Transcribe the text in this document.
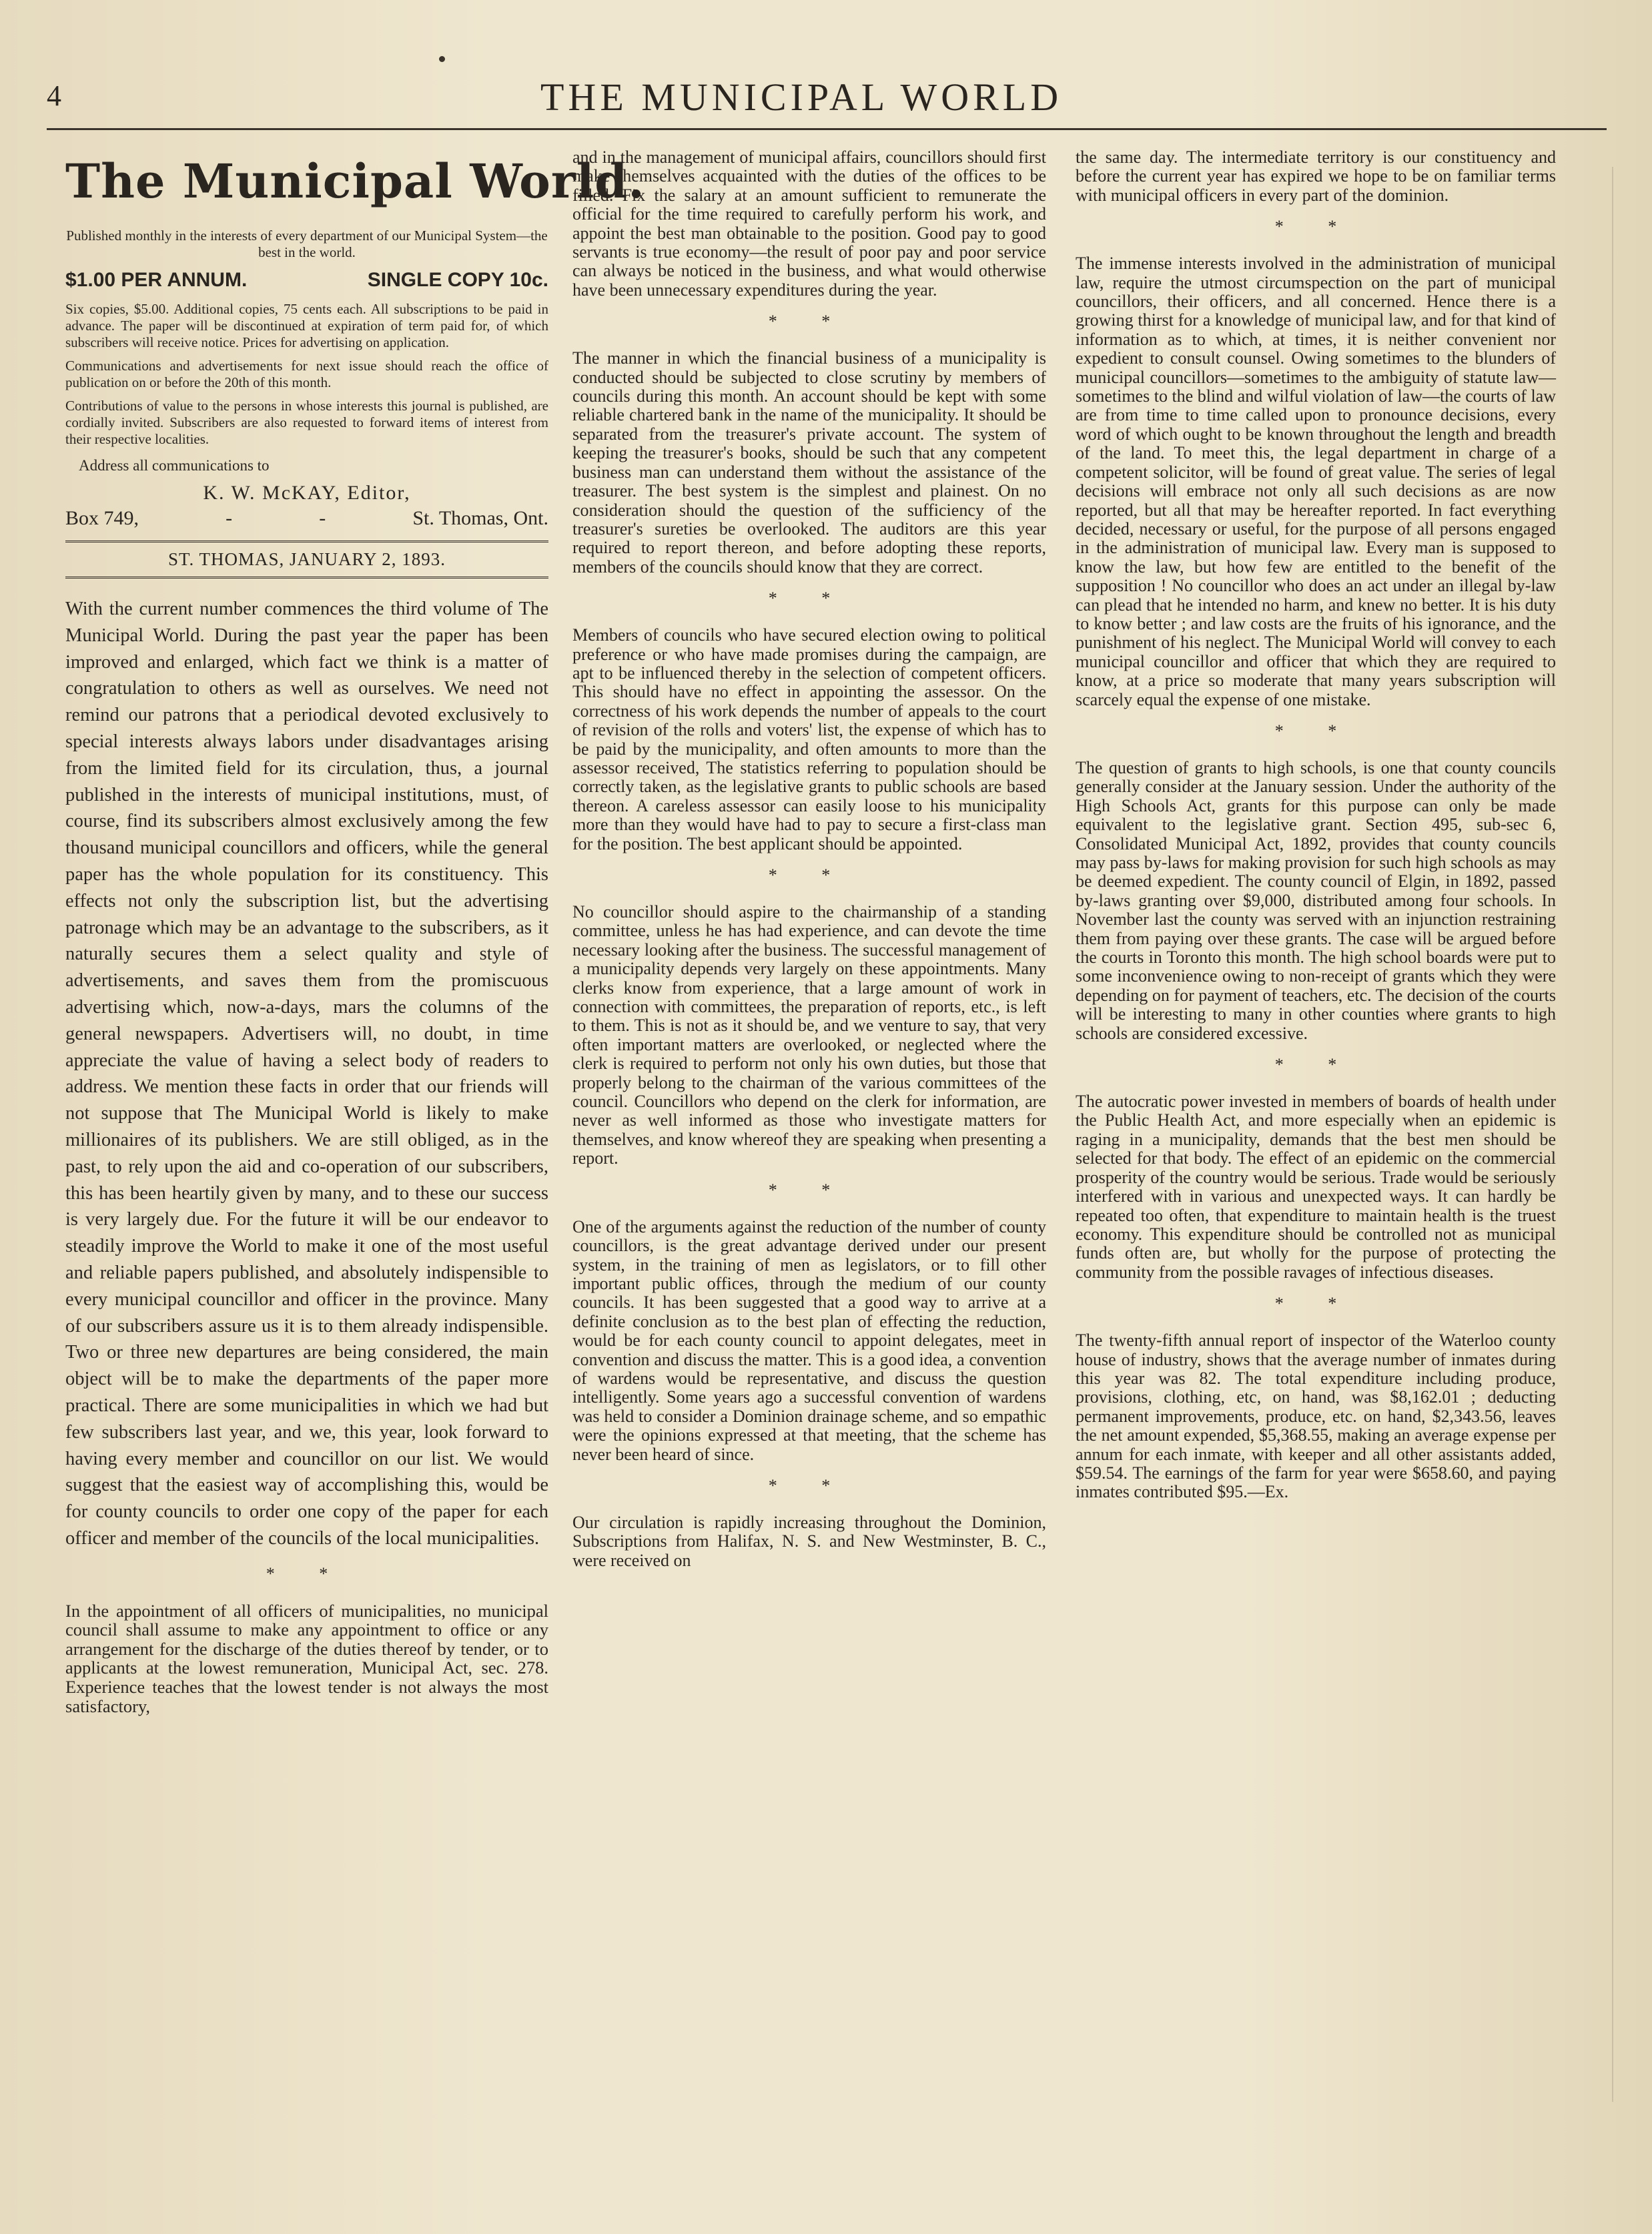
4	THE MUNICIPAL WORLD
The Municipal World.

Published monthly in the interests of every department of our Municipal System—the best in the world.

$1.00 PER ANNUM.	SINGLE COPY 10c.

Six copies, $5.00. Additional copies, 75 cents each. All subscriptions to be paid in advance. The paper will be discontinued at expiration of term paid for, of which subscribers will receive notice. Prices for advertising on application.

Communications and advertisements for next issue should reach the office of publication on or before the 20th of this month.

Contributions of value to the persons in whose interests this journal is published, are cordially invited. Subscribers are also requested to forward items of interest from their respective localities.

Address all communications to

K. W. McKAY, Editor,
Box 749,	-	-	St. Thomas, Ont.
ST. THOMAS, JANUARY 2, 1893.

With the current number commences the third volume of The Municipal World. During the past year the paper has been improved and enlarged, which fact we think is a matter of congratulation to others as well as ourselves. We need not remind our patrons that a periodical devoted exclusively to special interests always labors under disadvantages arising from the limited field for its circulation, thus, a journal published in the interests of municipal institutions, must, of course, find its subscribers almost exclusively among the few thousand municipal councillors and officers, while the general paper has the whole population for its constituency. This effects not only the subscription list, but the advertising patronage which may be an advantage to the subscribers, as it naturally secures them a select quality and style of advertisements, and saves them from the promiscuous advertising which, now-a-days, mars the columns of the general newspapers. Advertisers will, no doubt, in time appreciate the value of having a select body of readers to address. We mention these facts in order that our friends will not suppose that The Municipal World is likely to make millionaires of its publishers. We are still obliged, as in the past, to rely upon the aid and co-operation of our subscribers, this has been heartily given by many, and to these our success is very largely due. For the future it will be our endeavor to steadily improve the World to make it one of the most useful and reliable papers published, and absolutely indispensible to every municipal councillor and officer in the province. Many of our subscribers assure us it is to them already indispensible. Two or three new departures are being considered, the main object will be to make the departments of the paper more practical. There are some municipalities in which we had but few subscribers last year, and we, this year, look forward to having every member and councillor on our list. We would suggest that the easiest way of accomplishing this, would be for county councils to order one copy of the paper for each officer and member of the councils of the local municipalities.

* *

In the appointment of all officers of municipalities, no municipal council shall assume to make any appointment to office or any arrangement for the discharge of the duties thereof by tender, or to applicants at the lowest remuneration, Municipal Act, sec. 278. Experience teaches that the lowest tender is not always the most satisfactory,

and in the management of municipal affairs, councillors should first make themselves acquainted with the duties of the offices to be filled. Fix the salary at an amount sufficient to remunerate the official for the time required to carefully perform his work, and appoint the best man obtainable to the position. Good pay to good servants is true economy—the result of poor pay and poor service can always be noticed in the business, and what would otherwise have been unnecessary expenditures during the year.

* *

The manner in which the financial business of a municipality is conducted should be subjected to close scrutiny by members of councils during this month. An account should be kept with some reliable chartered bank in the name of the municipality. It should be separated from the treasurer's private account. The system of keeping the treasurer's books, should be such that any competent business man can understand them without the assistance of the treasurer. The best system is the simplest and plainest. On no consideration should the question of the sufficiency of the treasurer's sureties be overlooked. The auditors are this year required to report thereon, and before adopting these reports, members of the councils should know that they are correct.

* *

Members of councils who have secured election owing to political preference or who have made promises during the campaign, are apt to be influenced thereby in the selection of competent officers. This should have no effect in appointing the assessor. On the correctness of his work depends the number of appeals to the court of revision of the rolls and voters' list, the expense of which has to be paid by the municipality, and often amounts to more than the assessor received, The statistics referring to population should be correctly taken, as the legislative grants to public schools are based thereon. A careless assessor can easily loose to his municipality more than they would have had to pay to secure a first-class man for the position. The best applicant should be appointed.

* *

No councillor should aspire to the chairmanship of a standing committee, unless he has had experience, and can devote the time necessary looking after the business. The successful management of a municipality depends very largely on these appointments. Many clerks know from experience, that a large amount of work in connection with committees, the preparation of reports, etc., is left to them. This is not as it should be, and we venture to say, that very often important matters are overlooked, or neglected where the clerk is required to perform not only his own duties, but those that properly belong to the chairman of the various committees of the council. Councillors who depend on the clerk for information, are never as well informed as those who investigate matters for themselves, and know whereof they are speaking when presenting a report.

* *

One of the arguments against the reduction of the number of county councillors, is the great advantage derived under our present system, in the training of men as legislators, or to fill other important public offices, through the medium of our county councils. It has been suggested that a good way to arrive at a definite conclusion as to the best plan of effecting the reduction, would be for each county council to appoint delegates, meet in convention and discuss the matter. This is a good idea, a convention of wardens would be representative, and discuss the question intelligently. Some years ago a successful convention of wardens was held to consider a Dominion drainage scheme, and so empathic were the opinions expressed at that meeting, that the scheme has never been heard of since.

* *

Our circulation is rapidly increasing throughout the Dominion, Subscriptions from Halifax, N. S. and New Westminster, B. C., were received on

the same day. The intermediate territory is our constituency and before the current year has expired we hope to be on familiar terms with municipal officers in every part of the dominion.

* *

The immense interests involved in the administration of municipal law, require the utmost circumspection on the part of municipal councillors, their officers, and all concerned. Hence there is a growing thirst for a knowledge of municipal law, and for that kind of information as to which, at times, it is neither convenient nor expedient to consult counsel. Owing sometimes to the blunders of municipal councillors—sometimes to the ambiguity of statute law—sometimes to the blind and wilful violation of law—the courts of law are from time to time called upon to pronounce decisions, every word of which ought to be known throughout the length and breadth of the land. To meet this, the legal department in charge of a competent solicitor, will be found of great value. The series of legal decisions will embrace not only all such decisions as are now reported, but all that may be hereafter reported. In fact everything decided, necessary or useful, for the purpose of all persons engaged in the administration of municipal law. Every man is supposed to know the law, but how few are entitled to the benefit of the supposition ! No councillor who does an act under an illegal by-law can plead that he intended no harm, and knew no better. It is his duty to know better ; and law costs are the fruits of his ignorance, and the punishment of his neglect. The Municipal World will convey to each municipal councillor and officer that which they are required to know, at a price so moderate that many years subscription will scarcely equal the expense of one mistake.

* *

The question of grants to high schools, is one that county councils generally consider at the January session. Under the authority of the High Schools Act, grants for this purpose can only be made equivalent to the legislative grant. Section 495, sub-sec 6, Consolidated Municipal Act, 1892, provides that county councils may pass by-laws for making provision for such high schools as may be deemed expedient. The county council of Elgin, in 1892, passed by-laws granting over $9,000, distributed among four schools. In November last the county was served with an injunction restraining them from paying over these grants. The case will be argued before the courts in Toronto this month. The high school boards were put to some inconvenience owing to non-receipt of grants which they were depending on for payment of teachers, etc. The decision of the courts will be interesting to many in other counties where grants to high schools are considered excessive.

* *

The autocratic power invested in members of boards of health under the Public Health Act, and more especially when an epidemic is raging in a municipality, demands that the best men should be selected for that body. The effect of an epidemic on the commercial prosperity of the country would be serious. Trade would be seriously interfered with in various and unexpected ways. It can hardly be repeated too often, that expenditure to maintain health is the truest economy. This expenditure should be controlled not as municipal funds often are, but wholly for the purpose of protecting the community from the possible ravages of infectious diseases.

* *

The twenty-fifth annual report of inspector of the Waterloo county house of industry, shows that the average number of inmates during this year was 82. The total expenditure including produce, provisions, clothing, etc, on hand, was $8,162.01 ; deducting permanent improvements, produce, etc. on hand, $2,343.56, leaves the net amount expended, $5,368.55, making an average expense per annum for each inmate, with keeper and all other assistants added, $59.54. The earnings of the farm for year were $658.60, and paying inmates contributed $95.—Ex.
